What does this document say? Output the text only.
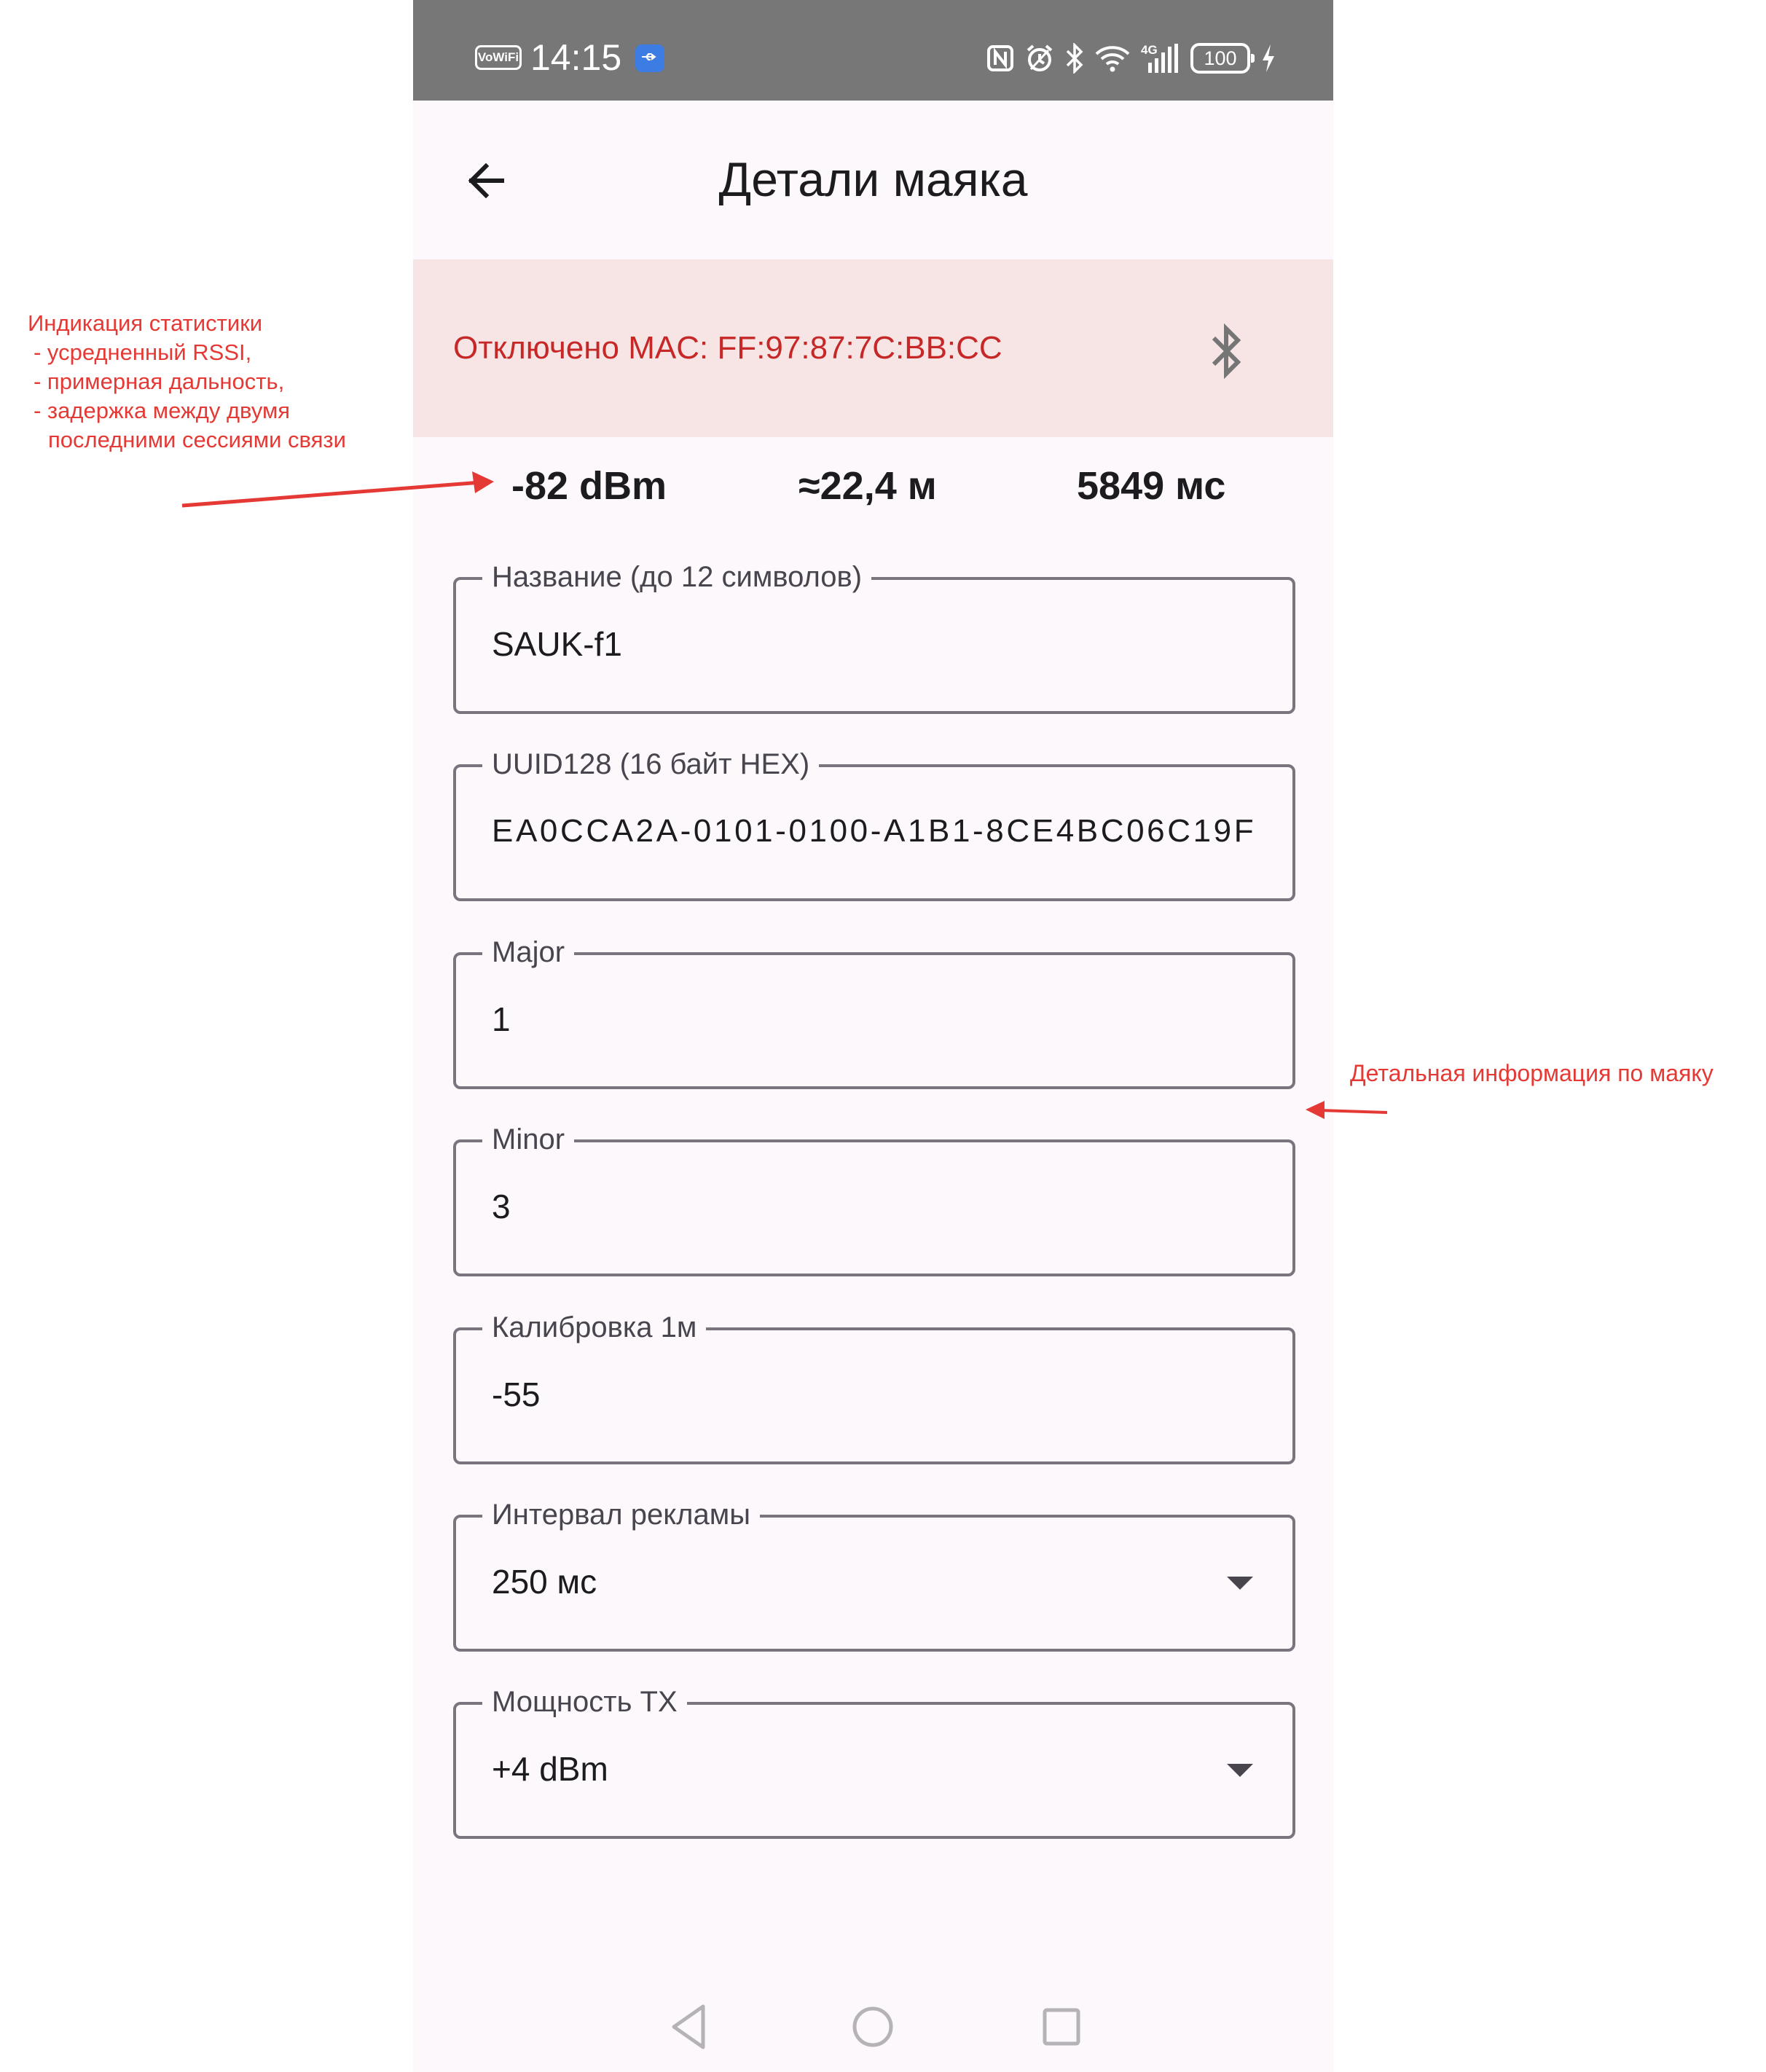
VoWiFi 14:15	4G	100
Детали маяка
Отключено MAC: FF:97:87:7C:BB:CC
-82 dBm	≈22,4 м	5849 мс
Название (до 12 символов)
SAUK-f1
UUID128 (16 байт HEX)
EA0CCA2A-0101-0100-A1B1-8CE4BC06C19F
Major
1
Minor
3
Калибровка 1м
-55
Интервал рекламы
250 мс
Мощность TX
+4 dBm
Индикация статистики
- усредненный RSSI,
- примерная дальность,
- задержка между двумя
последними сессиями связи
Детальная информация по маяку
